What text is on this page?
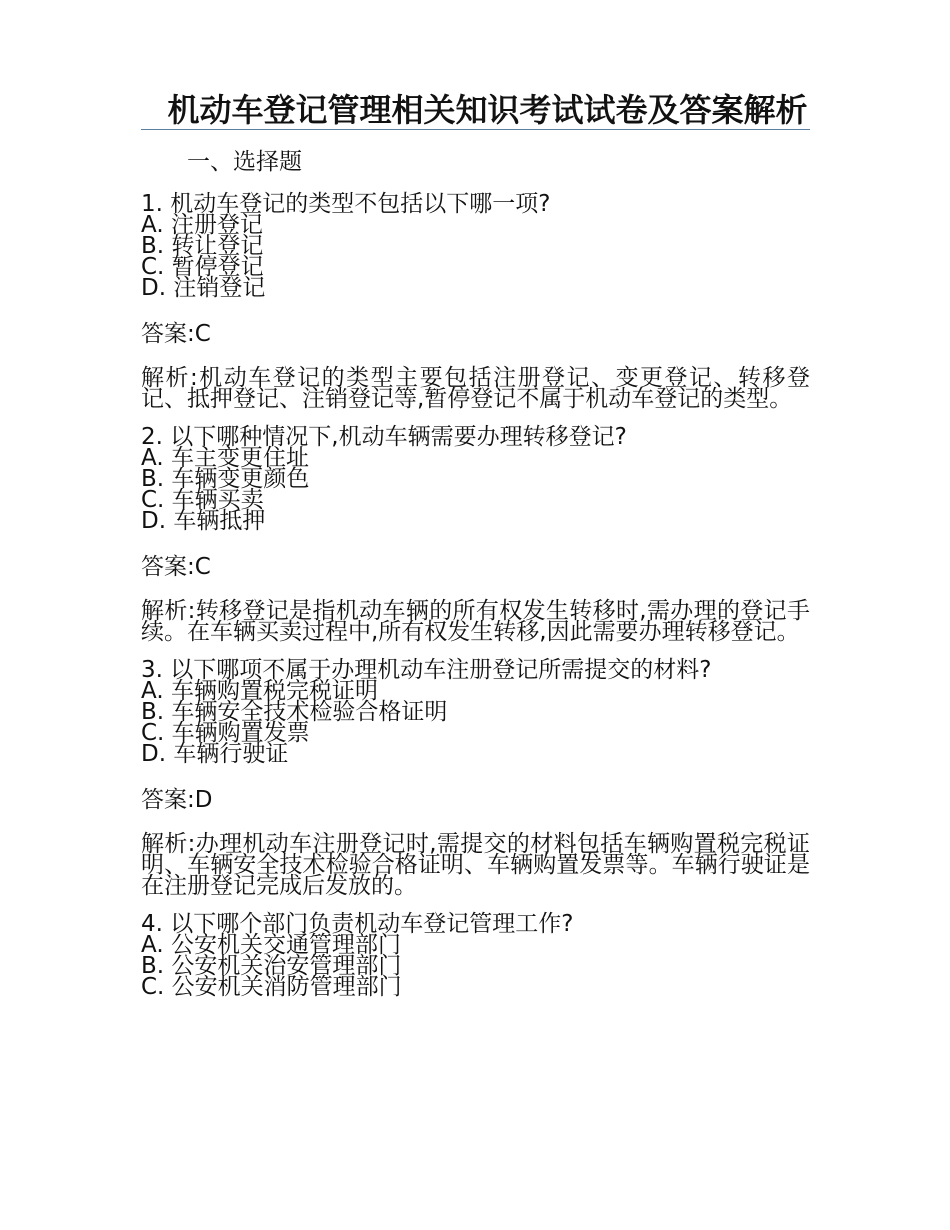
机动车登记管理相关知识考试试卷及答案解析
一、选择题
1. 机动车登记的类型不包括以下哪一项?
A. 注册登记
B. 转让登记
C. 暂停登记
D. 注销登记
答案:C
解析:机动车登记的类型主要包括注册登记、变更登记、转移登记、抵押登记、注销登记等,暂停登记不属于机动车登记的类型。
2. 以下哪种情况下,机动车辆需要办理转移登记?
A. 车主变更住址
B. 车辆变更颜色
C. 车辆买卖
D. 车辆抵押
答案:C
解析:转移登记是指机动车辆的所有权发生转移时,需办理的登记手续。在车辆买卖过程中,所有权发生转移,因此需要办理转移登记。
3. 以下哪项不属于办理机动车注册登记所需提交的材料?
A. 车辆购置税完税证明
B. 车辆安全技术检验合格证明
C. 车辆购置发票
D. 车辆行驶证
答案:D
解析:办理机动车注册登记时,需提交的材料包括车辆购置税完税证明、车辆安全技术检验合格证明、车辆购置发票等。车辆行驶证是在注册登记完成后发放的。
4. 以下哪个部门负责机动车登记管理工作?
A. 公安机关交通管理部门
B. 公安机关治安管理部门
C. 公安机关消防管理部门
